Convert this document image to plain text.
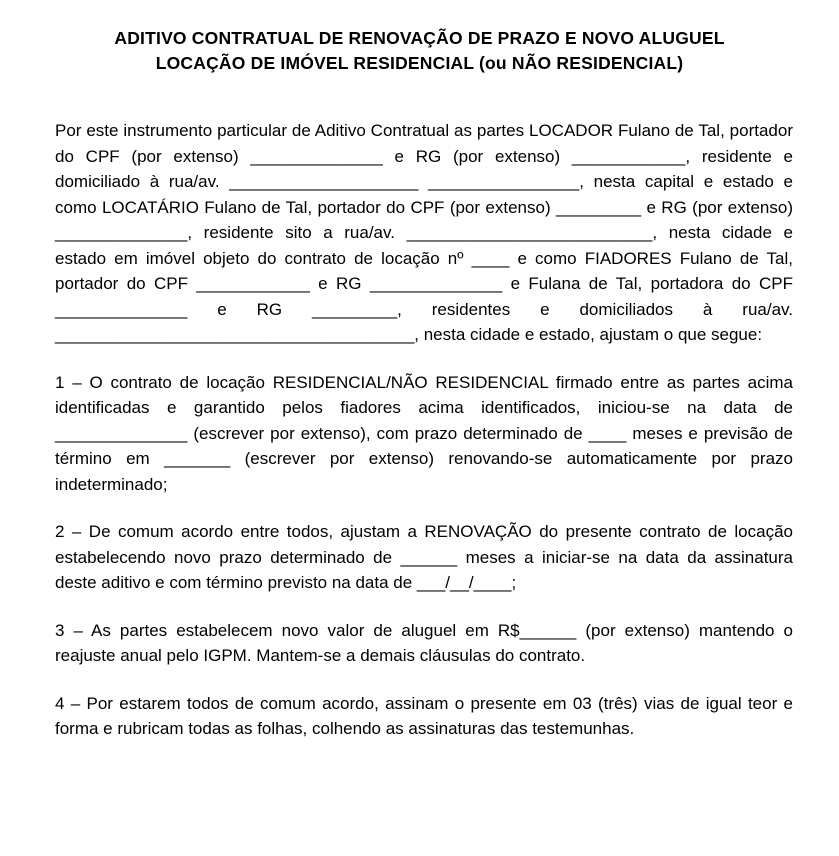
ADITIVO CONTRATUAL DE RENOVAÇÃO DE PRAZO E NOVO ALUGUEL
LOCAÇÃO DE IMÓVEL RESIDENCIAL (ou NÃO RESIDENCIAL)

Por este instrumento particular de Aditivo Contratual as partes LOCADOR Fulano de Tal, portador do CPF (por extenso) ______________ e RG (por extenso) ____________, residente e domiciliado à rua/av. ____________________ ________________, nesta capital e estado e como LOCATÁRIO Fulano de Tal, portador do CPF (por extenso) _________ e RG (por extenso) ______________, residente sito a rua/av. __________________________, nesta cidade e estado em imóvel objeto do contrato de locação nº ____ e como FIADORES Fulano de Tal, portador do CPF ____________ e RG ______________ e Fulana de Tal, portadora do CPF ______________ e RG _________, residentes e domiciliados à rua/av. ______________________________________, nesta cidade e estado, ajustam o que segue:

1 – O contrato de locação RESIDENCIAL/NÃO RESIDENCIAL firmado entre as partes acima identificadas e garantido pelos fiadores acima identificados, iniciou-se na data de ______________ (escrever por extenso), com prazo determinado de ____ meses e previsão de término em _______ (escrever por extenso) renovando-se automaticamente por prazo indeterminado;

2 – De comum acordo entre todos, ajustam a RENOVAÇÃO do presente contrato de locação estabelecendo novo prazo determinado de ______ meses a iniciar-se na data da assinatura deste aditivo e com término previsto na data de ___/__/____;

3 – As partes estabelecem novo valor de aluguel em R$______ (por extenso) mantendo o reajuste anual pelo IGPM. Mantem-se a demais cláusulas do contrato.

4 – Por estarem todos de comum acordo, assinam o presente em 03 (três) vias de igual teor e forma e rubricam todas as folhas, colhendo as assinaturas das testemunhas.
